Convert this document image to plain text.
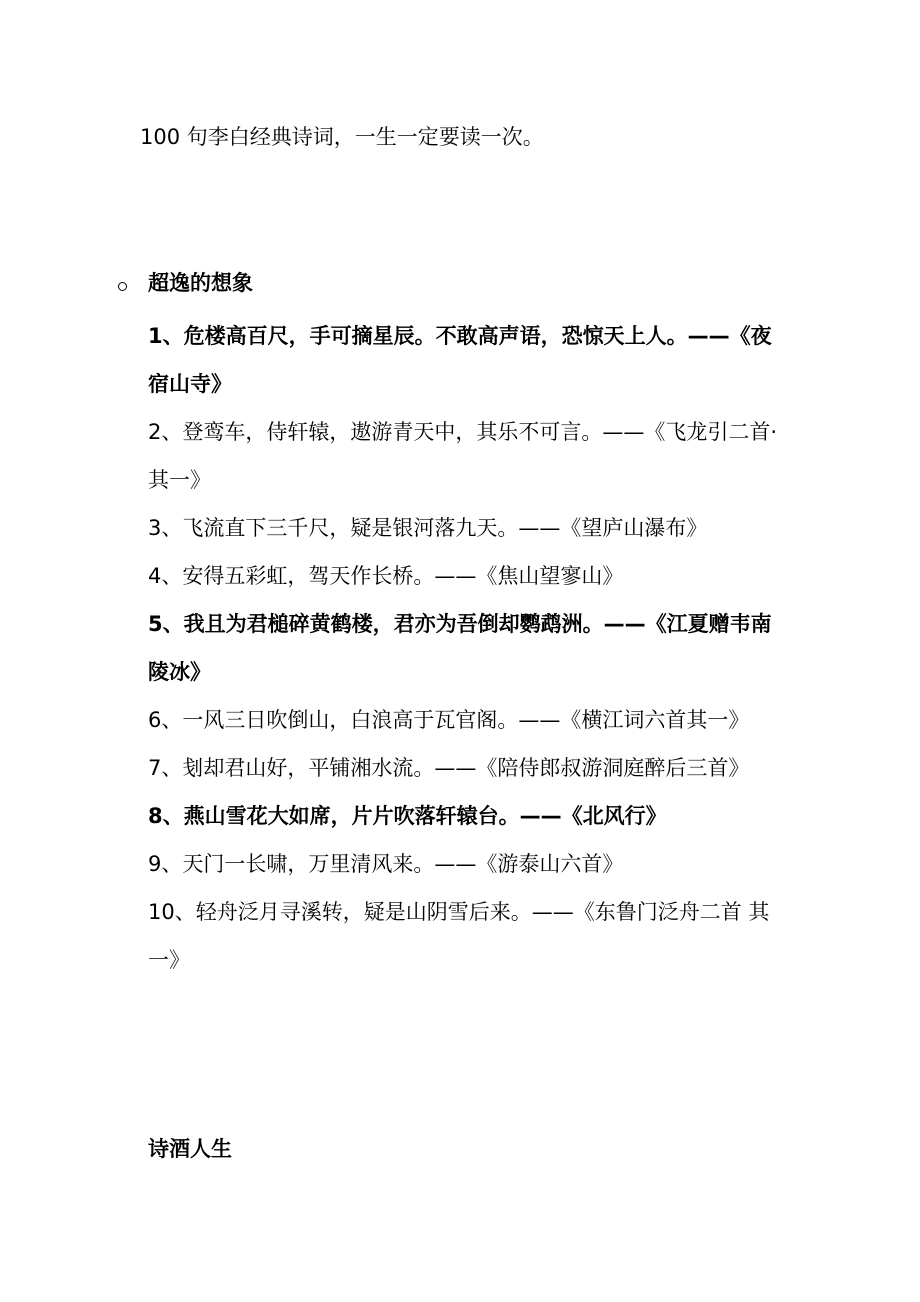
100 句李白经典诗词，一生一定要读一次。
超逸的想象
1、危楼高百尺，手可摘星辰。不敢高声语，恐惊天上人。——《夜宿山寺》
2、登鸾车，侍轩辕，遨游青天中，其乐不可言。——《飞龙引二首·其一》
3、飞流直下三千尺，疑是银河落九天。——《望庐山瀑布》
4、安得五彩虹，驾天作长桥。——《焦山望寥山》
5、我且为君槌碎黄鹤楼，君亦为吾倒却鹦鹉洲。——《江夏赠韦南陵冰》
6、一风三日吹倒山，白浪高于瓦官阁。——《横江词六首其一》
7、刬却君山好，平铺湘水流。——《陪侍郎叔游洞庭醉后三首》
8、燕山雪花大如席，片片吹落轩辕台。——《北风行》
9、天门一长啸，万里清风来。——《游泰山六首》
10、轻舟泛月寻溪转，疑是山阴雪后来。——《东鲁门泛舟二首 其一》
诗酒人生
